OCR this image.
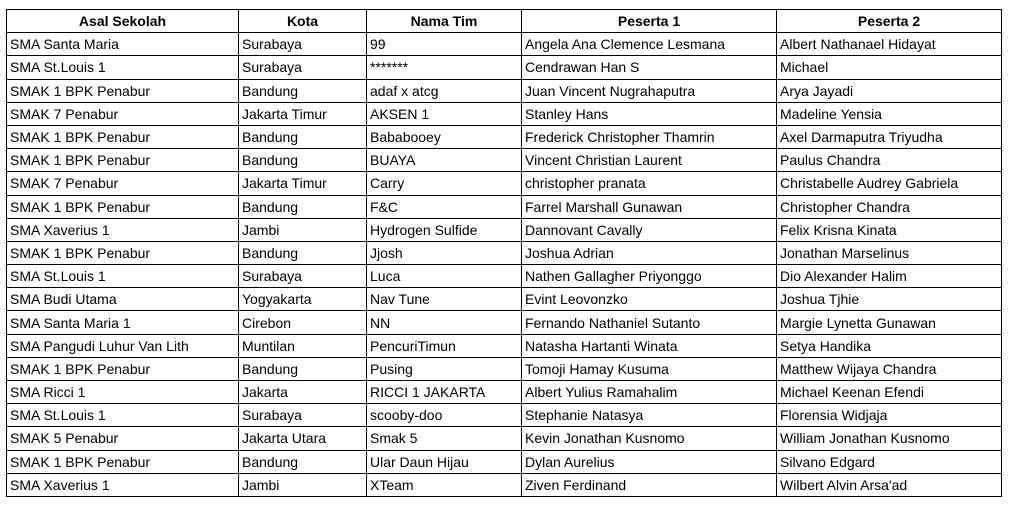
Asal Sekolah	Kota	Nama Tim	Peserta 1	Peserta 2
SMA Santa Maria	Surabaya	99	Angela Ana Clemence Lesmana	Albert Nathanael Hidayat
SMA St.Louis 1	Surabaya	*******	Cendrawan Han S	Michael
SMAK 1 BPK Penabur	Bandung	adaf x atcg	Juan Vincent Nugrahaputra	Arya Jayadi
SMAK 7 Penabur	Jakarta Timur	AKSEN 1	Stanley Hans	Madeline Yensia
SMAK 1 BPK Penabur	Bandung	Bababooey	Frederick Christopher Thamrin	Axel Darmaputra Triyudha
SMAK 1 BPK Penabur	Bandung	BUAYA	Vincent Christian Laurent	Paulus Chandra
SMAK 7 Penabur	Jakarta Timur	Carry	christopher pranata	Christabelle Audrey Gabriela
SMAK 1 BPK Penabur	Bandung	F&C	Farrel Marshall Gunawan	Christopher Chandra
SMA Xaverius 1	Jambi	Hydrogen Sulfide	Dannovant Cavally	Felix Krisna Kinata
SMAK 1 BPK Penabur	Bandung	Jjosh	Joshua Adrian	Jonathan Marselinus
SMA St.Louis 1	Surabaya	Luca	Nathen Gallagher Priyonggo	Dio Alexander Halim
SMA Budi Utama	Yogyakarta	Nav Tune	Evint Leovonzko	Joshua Tjhie
SMA Santa Maria 1	Cirebon	NN	Fernando Nathaniel Sutanto	Margie Lynetta Gunawan
SMA Pangudi Luhur Van Lith	Muntilan	PencuriTimun	Natasha Hartanti Winata	Setya Handika
SMAK 1 BPK Penabur	Bandung	Pusing	Tomoji Hamay Kusuma	Matthew Wijaya Chandra
SMA Ricci 1	Jakarta	RICCI 1 JAKARTA	Albert Yulius Ramahalim	Michael Keenan Efendi
SMA St.Louis 1	Surabaya	scooby-doo	Stephanie Natasya	Florensia Widjaja
SMAK 5 Penabur	Jakarta Utara	Smak 5	Kevin Jonathan Kusnomo	William Jonathan Kusnomo
SMAK 1 BPK Penabur	Bandung	Ular Daun Hijau	Dylan Aurelius	Silvano Edgard
SMA Xaverius 1	Jambi	XTeam	Ziven Ferdinand	Wilbert Alvin Arsa'ad
